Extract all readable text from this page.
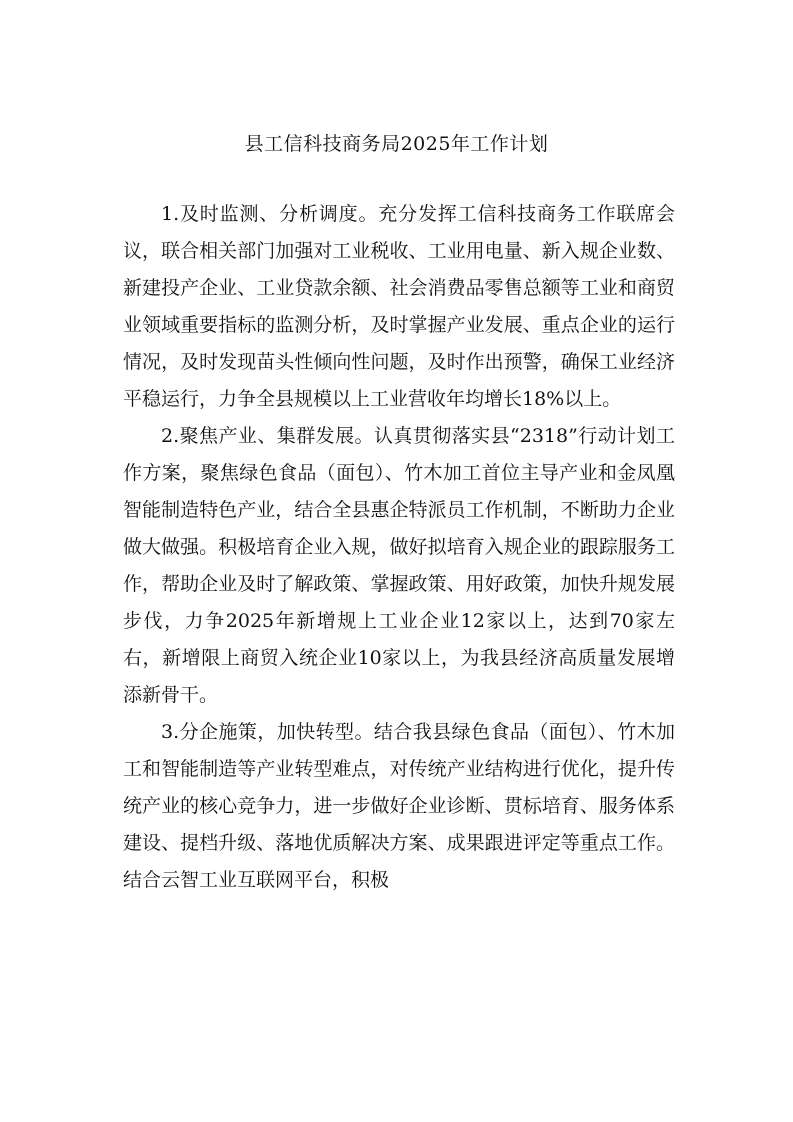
县工信科技商务局2025年工作计划

1.及时监测、分析调度。充分发挥工信科技商务工作联席会议，联合相关部门加强对工业税收、工业用电量、新入规企业数、新建投产企业、工业贷款余额、社会消费品零售总额等工业和商贸业领域重要指标的监测分析，及时掌握产业发展、重点企业的运行情况，及时发现苗头性倾向性问题，及时作出预警，确保工业经济平稳运行，力争全县规模以上工业营收年均增长18%以上。

2.聚焦产业、集群发展。认真贯彻落实县“2318”行动计划工作方案，聚焦绿色食品（面包）、竹木加工首位主导产业和金凤凰智能制造特色产业，结合全县惠企特派员工作机制，不断助力企业做大做强。积极培育企业入规，做好拟培育入规企业的跟踪服务工作，帮助企业及时了解政策、掌握政策、用好政策，加快升规发展步伐，力争2025年新增规上工业企业12家以上，达到70家左右，新增限上商贸入统企业10家以上，为我县经济高质量发展增添新骨干。

3.分企施策，加快转型。结合我县绿色食品（面包）、竹木加工和智能制造等产业转型难点，对传统产业结构进行优化，提升传统产业的核心竞争力，进一步做好企业诊断、贯标培育、服务体系建设、提档升级、落地优质解决方案、成果跟进评定等重点工作。结合云智工业互联网平台，积极
